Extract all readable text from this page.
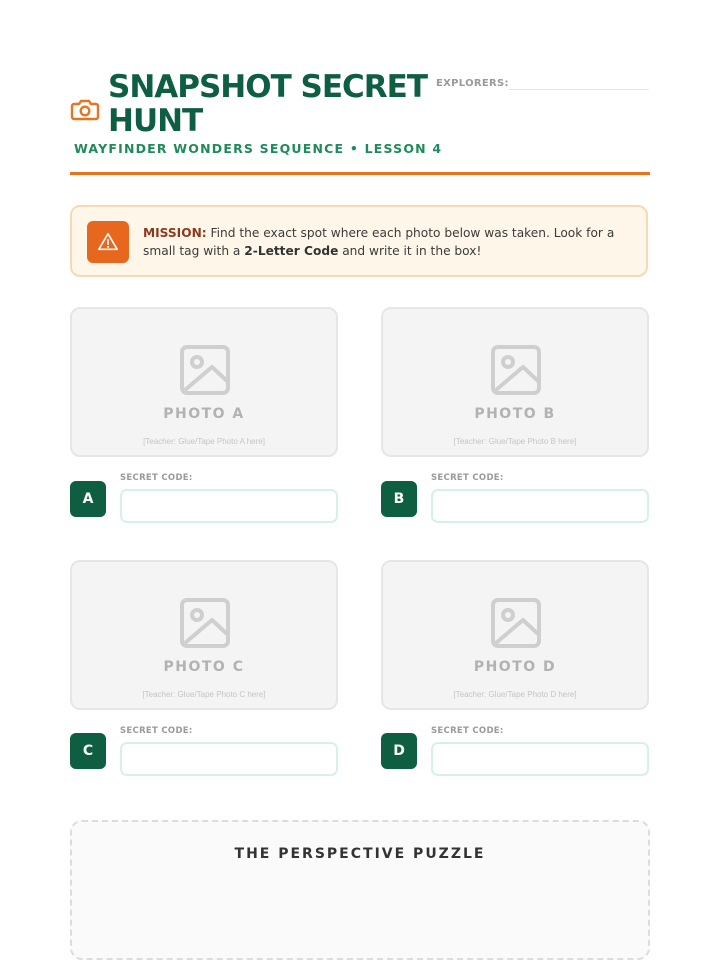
SNAPSHOT SECRET HUNT
WAYFINDER WONDERS SEQUENCE • LESSON 4
EXPLORERS:
MISSION: Find the exact spot where each photo below was taken. Look for a small tag with a 2-Letter Code and write it in the box!
PHOTO A
[Teacher: Glue/Tape Photo A here]
A
SECRET CODE:
PHOTO B
[Teacher: Glue/Tape Photo B here]
B
SECRET CODE:
PHOTO C
[Teacher: Glue/Tape Photo C here]
C
SECRET CODE:
PHOTO D
[Teacher: Glue/Tape Photo D here]
D
SECRET CODE:
THE PERSPECTIVE PUZZLE
